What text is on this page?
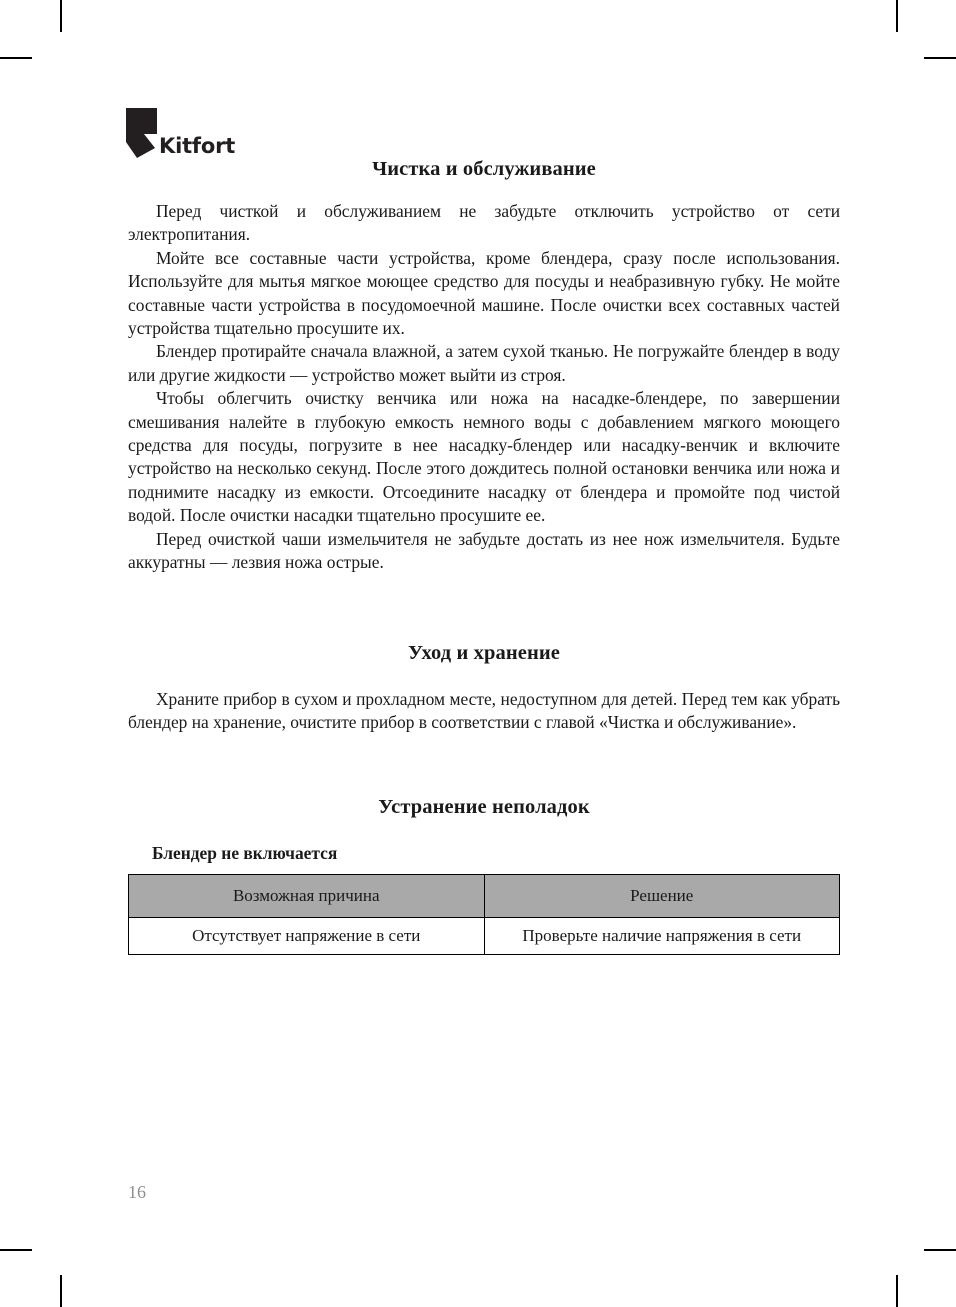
Kitfort
Чистка и обслуживание

Перед чисткой и обслуживанием не забудьте отключить устройство от сети электропитания.

Мойте все составные части устройства, кроме блендера, сразу после использования. Используйте для мытья мягкое моющее средство для посуды и неабразивную губку. Не мойте составные части устройства в посудомоечной машине. После очистки всех составных частей устройства тщательно просушите их.

Блендер протирайте сначала влажной, а затем сухой тканью. Не погружайте блендер в воду или другие жидкости — устройство может выйти из строя.

Чтобы облегчить очистку венчика или ножа на насадке-блендере, по завершении смешивания налейте в глубокую емкость немного воды с добавлением мягкого моющего средства для посуды, погрузите в нее насадку-блендер или насадку-венчик и включите устройство на несколько секунд. После этого дождитесь полной остановки венчика или ножа и поднимите насадку из емкости. Отсоедините насадку от блендера и промойте под чистой водой. После очистки насадки тщательно просушите ее.

Перед очисткой чаши измельчителя не забудьте достать из нее нож измельчителя. Будьте аккуратны — лезвия ножа острые.

Уход и хранение

Храните прибор в сухом и прохладном месте, недоступном для детей. Перед тем как убрать блендер на хранение, очистите прибор в соответствии с главой «Чистка и обслуживание».

Устранение неполадок
Блендер не включается
Возможная причина	Решение
Отсутствует напряжение в сети	Проверьте наличие напряжения в сети
16
